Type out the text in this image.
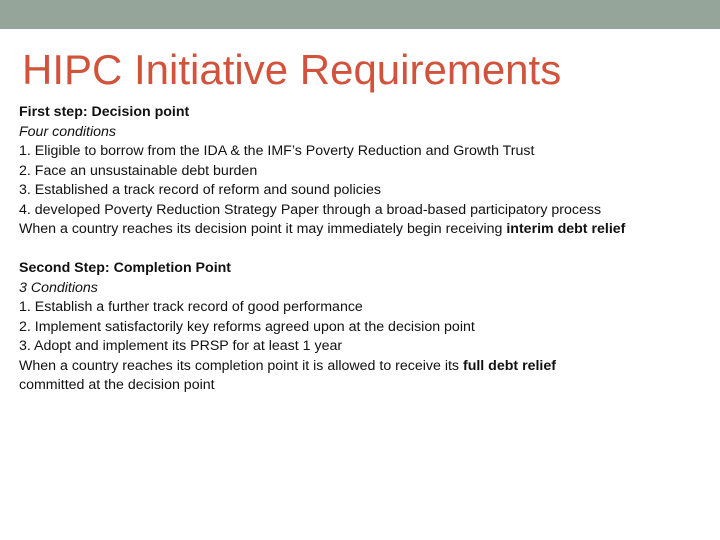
HIPC Initiative Requirements
First step: Decision point
Four conditions
1. Eligible to borrow from the IDA & the IMF’s Poverty Reduction and Growth Trust
2. Face an unsustainable debt burden
3. Established a track record of reform and sound policies
4. developed Poverty Reduction Strategy Paper through a broad-based participatory process
When a country reaches its decision point it may immediately begin receiving interim debt relief
Second Step: Completion Point
3 Conditions
1. Establish a further track record of good performance
2. Implement satisfactorily key reforms agreed upon at the decision point
3. Adopt and implement its PRSP for at least 1 year
When a country reaches its completion point it is allowed to receive its full debt relief
committed at the decision point
